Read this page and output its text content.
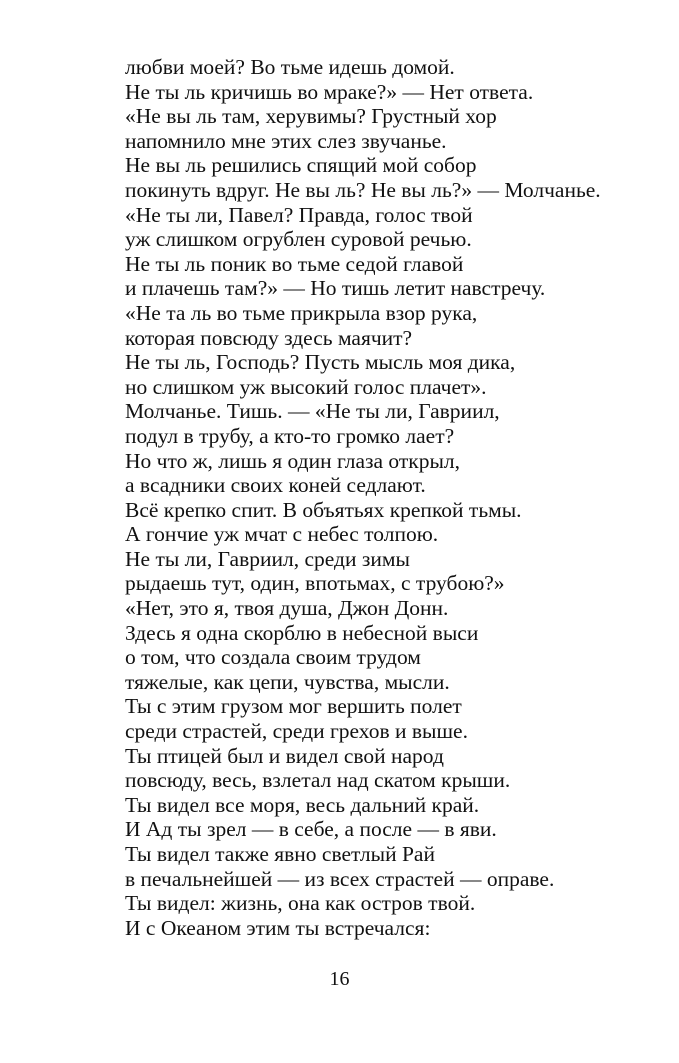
любви моей? Во тьме идешь домой.
Не ты ль кричишь во мраке?» — Нет ответа.
«Не вы ль там, херувимы? Грустный хор
напомнило мне этих слез звучанье.
Не вы ль решились спящий мой собор
покинуть вдруг. Не вы ль? Не вы ль?» — Молчанье.
«Не ты ли, Павел? Правда, голос твой
уж слишком огрублен суровой речью.
Не ты ль поник во тьме седой главой
и плачешь там?» — Но тишь летит навстречу.
«Не та ль во тьме прикрыла взор рука,
которая повсюду здесь маячит?
Не ты ль, Господь? Пусть мысль моя дика,
но слишком уж высокий голос плачет».
Молчанье. Тишь. — «Не ты ли, Гавриил,
подул в трубу, а кто-то громко лает?
Но что ж, лишь я один глаза открыл,
а всадники своих коней седлают.
Всё крепко спит. В объятьях крепкой тьмы.
А гончие уж мчат с небес толпою.
Не ты ли, Гавриил, среди зимы
рыдаешь тут, один, впотьмах, с трубою?»
«Нет, это я, твоя душа, Джон Донн.
Здесь я одна скорблю в небесной выси
о том, что создала своим трудом
тяжелые, как цепи, чувства, мысли.
Ты с этим грузом мог вершить полет
среди страстей, среди грехов и выше.
Ты птицей был и видел свой народ
повсюду, весь, взлетал над скатом крыши.
Ты видел все моря, весь дальний край.
И Ад ты зрел — в себе, а после — в яви.
Ты видел также явно светлый Рай
в печальнейшей — из всех страстей — оправе.
Ты видел: жизнь, она как остров твой.
И с Океаном этим ты встречался:
16
